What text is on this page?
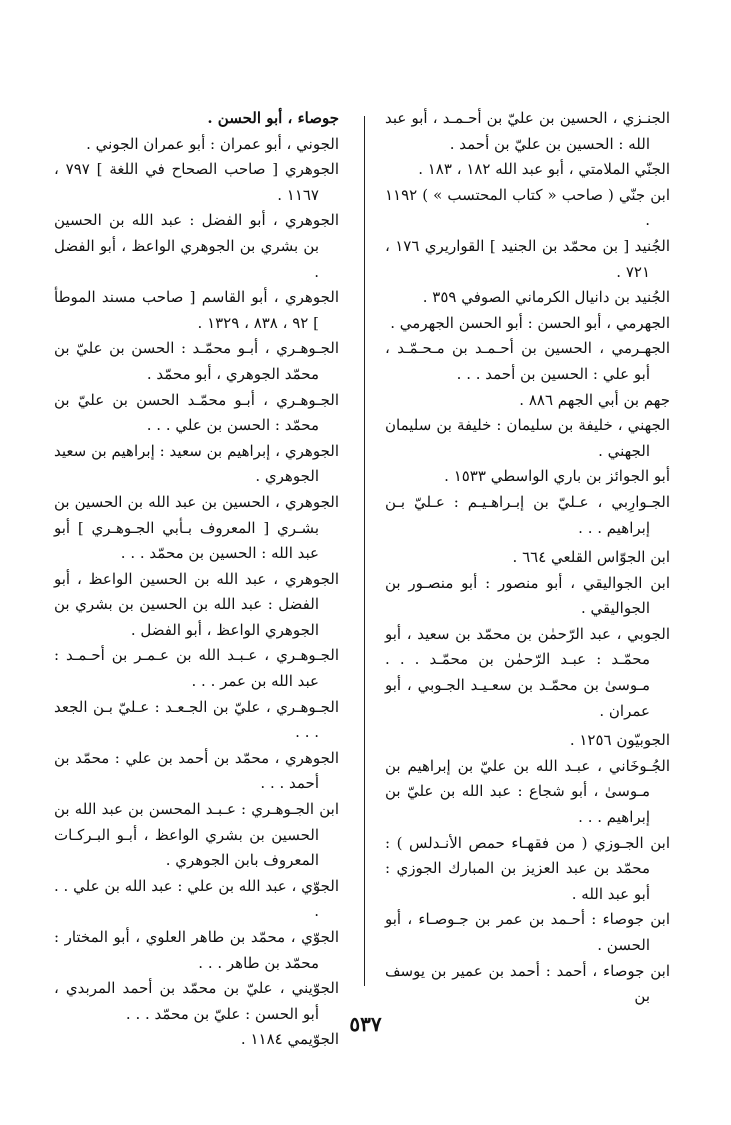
الجنـزي ، الحسين بن عليّ بن أحـمـد ، أبو عبد الله : الحسين بن عليّ بن أحمد .

الجنّي الملامتي ، أبو عبد الله ١٨٢ ، ١٨٣ .

ابن جنّي ( صاحب « كتاب المحتسب » ) ١١٩٢ .

الجُنيد [ بن محمّد بن الجنيد ] القواريري ١٧٦ ، ٧٢١ .

الجُنيد بن دانيال الكرماني الصوفي ٣٥٩ .

الجهرمي ، أبو الحسن : أبو الحسن الجهرمي .

الجهـرمي ، الحسين بن أحـمـد بن مـحـمّـد ، أبو علي : الحسين بن أحمد . . .

جهم بن أبي الجهم ٨٨٦ .

الجهني ، خليفة بن سليمان : خليفة بن سليمان الجهني .

أبو الجوائز بن باري الواسطي ١٥٣٣ .

الجـوارِبي ، عـليّ بن إبـراهـيـم : عـليّ بـن إبراهيم . . .

ابن الجوّاس القلعي ٦٦٤ .

ابن الجواليقي ، أبو منصور : أبو منصـور بن الجواليقي .

الجوبي ، عبد الرّحمٰن بن محمّد بن سعيد ، أبو محمّـد : عبـد الرّحمٰن بن محمّـد . . . مـوسىٰ بن محمّـد بن سعـيـد الجـوبي ، أبو عمران .

الجوبيّون ١٢٥٦ .

الجُـوخَاني ، عبـد الله بن عليّ بن إبراهيم بن مـوسىٰ ، أبو شجاع : عبد الله بن عليّ بن إبراهيم . . .

ابن الجـوزي ( من فقهـاء حمص الأنـدلس ) : محمّد بن عبد العزيز بن المبارك الجوزي : أبو عبد الله .

ابن جوصاء : أحـمد بن عمر بن جـوصـاء ، أبو الحسن .

ابن جوصاء ، أحمد : أحمد بن عمير بن يوسف بن

جوصاء ، أبو الحسن .

الجوني ، أبو عمران : أبو عمران الجوني .

الجوهري [ صاحب الصحاح في اللغة ] ٧٩٧ ، ١١٦٧ .

الجوهري ، أبو الفضل : عبد الله بن الحسين بن بشري بن الجوهري الواعظ ، أبو الفضل .

الجوهري ، أبو القاسم [ صاحب مسند الموطأ ] ٩٢ ، ٨٣٨ ، ١٣٢٩ .

الجـوهـري ، أبـو محمّـد : الحسن بن عليّ بن محمّد الجوهري ، أبو محمّد .

الجـوهـري ، أبـو محمّـد الحسن بن عليّ بن محمّد : الحسن بن علي . . .

الجوهري ، إبراهيم بن سعيد : إبراهيم بن سعيد الجوهري .

الجوهري ، الحسين بن عبد الله بن الحسين بن بشـري [ المعروف بـأبي الجـوهـري ] أبو عبد الله : الحسين بن محمّد . . .

الجوهري ، عبد الله بن الحسين الواعظ ، أبو الفضل : عبد الله بن الحسين بن بشري بن الجوهري الواعظ ، أبو الفضل .

الجـوهـري ، عـبـد الله بن عـمـر بن أحـمـد : عبد الله بن عمر . . .

الجـوهـري ، عليّ بن الجـعـد : عـليّ بـن الجعد . . .

الجوهري ، محمّد بن أحمد بن علي : محمّد بن أحمد . . .

ابن الجـوهـري : عـبـد المحسن بن عبد الله بن الحسين بن بشري الواعظ ، أبـو البـركـات المعروف بابن الجوهري .

الجوّي ، عبد الله بن علي : عبد الله بن علي . . .

الجوّي ، محمّد بن طاهر العلوي ، أبو المختار : محمّد بن طاهر . . .

الجوّيني ، عليّ بن محمّد بن أحمد المربدي ، أبو الحسن : عليّ بن محمّد . . .

الجوّيمي ١١٨٤ .

٥٣٧
